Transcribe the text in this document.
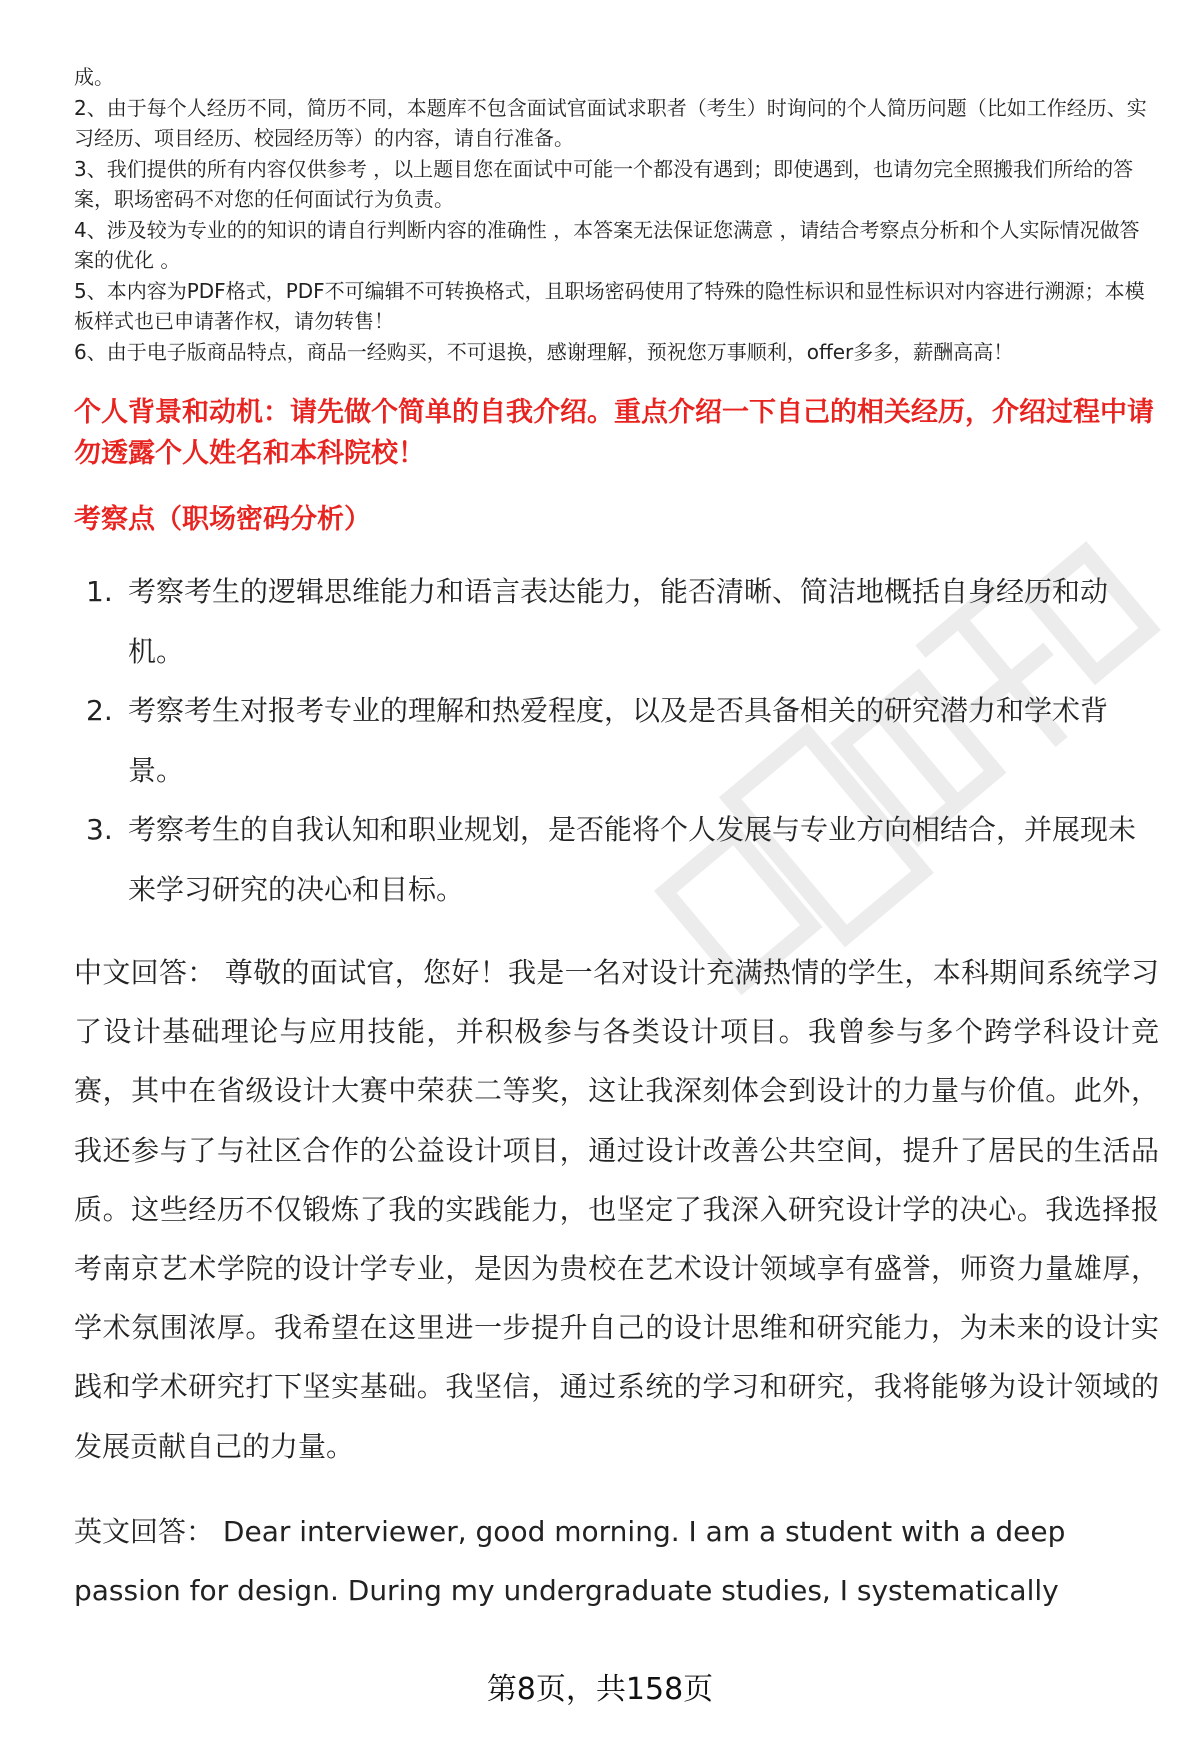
成。

2、由于每个人经历不同，简历不同，本题库不包含面试官面试求职者（考生）时询问的个人简历问题（比如工作经历、实习经历、项目经历、校园经历等）的内容，请自行准备。

3、我们提供的所有内容仅供参考 ，以上题目您在面试中可能一个都没有遇到；即使遇到，也请勿完全照搬我们所给的答案，职场密码不对您的任何面试行为负责。

4、涉及较为专业的的知识的请自行判断内容的准确性 ，本答案无法保证您满意 ，请结合考察点分析和个人实际情况做答案的优化 。

5、本内容为PDF格式，PDF不可编辑不可转换格式，且职场密码使用了特殊的隐性标识和显性标识对内容进行溯源；本模板样式也已申请著作权，请勿转售！

6、由于电子版商品特点，商品一经购买，不可退换，感谢理解，预祝您万事顺利，offer多多，薪酬高高！

个人背景和动机：请先做个简单的自我介绍。重点介绍一下自己的相关经历，介绍过程中请勿透露个人姓名和本科院校！
考察点（职场密码分析）
1. 考察考生的逻辑思维能力和语言表达能力，能否清晰、简洁地概括自身经历和动机。
2. 考察考生对报考专业的理解和热爱程度，以及是否具备相关的研究潜力和学术背景。
3. 考察考生的自我认知和职业规划，是否能将个人发展与专业方向相结合，并展现未来学习研究的决心和目标。

中文回答： 尊敬的面试官，您好！我是一名对设计充满热情的学生，本科期间系统学习了设计基础理论与应用技能，并积极参与各类设计项目。我曾参与多个跨学科设计竞赛，其中在省级设计大赛中荣获二等奖，这让我深刻体会到设计的力量与价值。此外，我还参与了与社区合作的公益设计项目，通过设计改善公共空间，提升了居民的生活品质。这些经历不仅锻炼了我的实践能力，也坚定了我深入研究设计学的决心。我选择报考南京艺术学院的设计学专业，是因为贵校在艺术设计领域享有盛誉，师资力量雄厚，学术氛围浓厚。我希望在这里进一步提升自己的设计思维和研究能力，为未来的设计实践和学术研究打下坚实基础。我坚信，通过系统的学习和研究，我将能够为设计领域的发展贡献自己的力量。

英文回答： Dear interviewer, good morning. I am a student with a deep passion for design. During my undergraduate studies, I systematically

第8页，共158页
